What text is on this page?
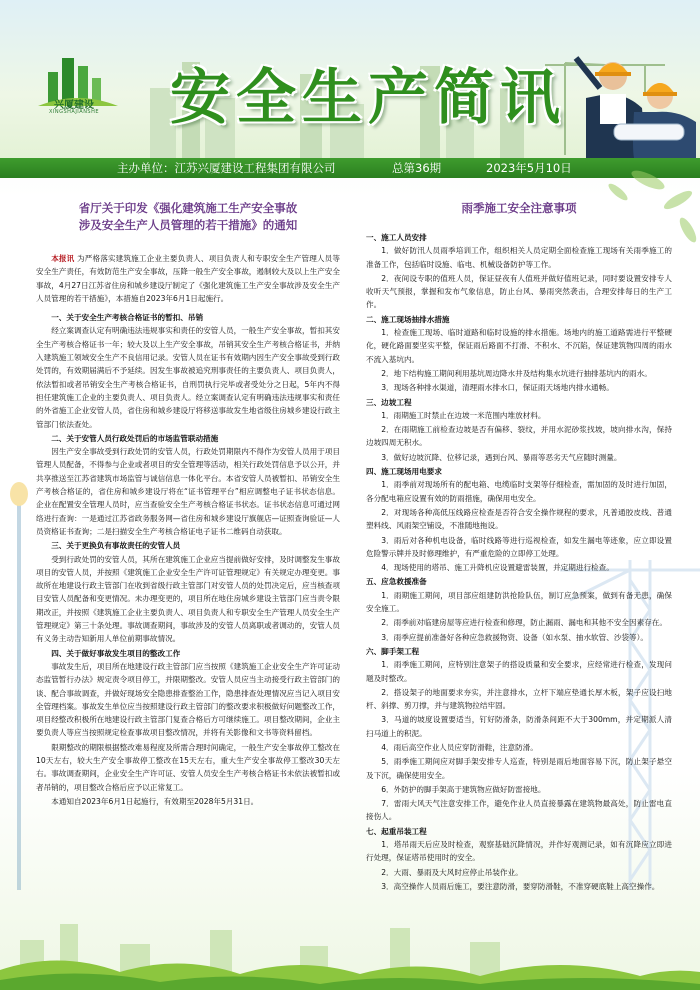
兴厦建设
XINGSHAJIANSHE	安全生产简讯
主办单位：江苏兴厦建设工程集团有限公司	总第36期	2023年5月10日
省厅关于印发《强化建筑施工生产安全事故
涉及安全生产人员管理的若干措施》的通知

本报讯 为严格落实建筑施工企业主要负责人、项目负责人和专职安全生产管理人员等安全生产责任，有效防范生产安全事故，压降一般生产安全事故，遏制较大及以上生产安全事故，4月27日江苏省住房和城乡建设厅制定了《强化建筑施工生产安全事故涉及安全生产人员管理的若干措施》，本措施自2023年6月1日起施行。

一、关于安全生产考核合格证书的暂扣、吊销

经立案调查认定有明确违法违规事实和责任的安管人员，一般生产安全事故，暂扣其安全生产考核合格证书一年；较大及以上生产安全事故，吊销其安全生产考核合格证书，并纳入建筑施工领域安全生产不良信用记录。安管人员在证书有效期内因生产安全事故受到行政处罚的，有效期届满后不予延续。因发生事故被追究刑事责任的主要负责人、项目负责人，依法暂扣或者吊销安全生产考核合格证书，自刑罚执行完毕或者受处分之日起，5年内不得担任建筑施工企业的主要负责人、项目负责人。经立案调查认定有明确违法违规事实和责任的外省施工企业安管人员，省住房和城乡建设厅将移送事故发生地省级住房城乡建设行政主管部门依法查处。

二、关于安管人员行政处罚后的市场监管联动措施

因生产安全事故受到行政处罚的安管人员，行政处罚期限内不得作为安管人员用于项目管理人员配备，不得参与企业或者项目的安全管理等活动，相关行政处罚信息予以公开，并共享推送至江苏省建筑市场监管与诚信信息一体化平台。本省安管人员被暂扣、吊销安全生产考核合格证的，省住房和城乡建设厅将在“证书管理平台”相应调整电子证书状态信息。企业在配置安全管理人员时，应当查验安全生产考核合格证书状态。证书状态信息可通过网络进行查询：一是通过江苏省政务服务网—省住房和城乡建设厅旗舰店—证照查询验证—人员资格证书查询；二是扫描安全生产考核合格证电子证书二维码自动获取。

三、关于更换负有事故责任的安管人员

受到行政处罚的安管人员，其所在建筑施工企业应当提前做好安排，及时调整发生事故项目的安管人员，并按照《建筑施工企业安全生产许可证管理规定》有关规定办理变更。事故所在地建设行政主管部门在收到省级行政主管部门对安管人员的处罚决定后，应当核查项目安管人员配备和变更情况。未办理变更的，项目所在地住房城乡建设主管部门应当责令限期改正，并按照《建筑施工企业主要负责人、项目负责人和专职安全生产管理人员安全生产管理规定》第三十条处理。事故调查期间，事故涉及的安管人员离职或者调动的，安管人员有义务主动告知新用人单位前期事故情况。

四、关于做好事故发生项目的整改工作

事故发生后，项目所在地建设行政主管部门应当按照《建筑施工企业安全生产许可证动态监管暂行办法》规定责令项目停工，并限期整改。安管人员应当主动接受行政主管部门的谈、配合事故调查，并做好现场安全隐患排查整治工作，隐患排查处理情况应当记入项目安全管理档案。事故发生单位应当按照建设行政主管部门的整改要求积极做好问题整改工作，项目经整改积极所在地建设行政主管部门复查合格后方可继续施工。项目整改期间，企业主要负责人等应当按照规定检查事故项目整改情况，并将有关影像和文书等资料留档。

限期整改的期限根据整改难易程度及所需合理时间确定，一般生产安全事故停工整改在10天左右，较大生产安全事故停工整改在15天左右，重大生产安全事故停工整改30天左右。事故调查期间，企业安全生产许可证、安管人员安全生产考核合格证书未依法被暂扣或者吊销的，项目整改合格后应予以正常复工。

本通知自2023年6月1日起施行，有效期至2028年5月31日。

雨季施工安全注意事项

一、施工人员安排

1．做好防汛人员雨季培训工作，组织相关人员定期全面检查施工现场有关雨季施工的准备工作，包括临时设施、临电、机械设备防护等工作。

2．夜间设专职的值班人员，保证昼夜有人值班并做好值班记录，同时要设置安排专人收听天气预报，掌握和发布气象信息，防止台风、暴雨突然袭击，合理安排每日的生产工作。

二、施工现场抽排水措施

1．检查施工现场、临时道路和临时设施的排水措施。场地内的施工道路需进行平整硬化，硬化路面要坚实平整，保证雨后路面不打滑、不积水、不沉陷，保证建筑物四周的雨水不流入基坑内。

2．地下结构施工期间利用基坑周边降水井及结构集水坑进行抽排基坑内的雨水。

3．现场各种排水渠道，清理雨水排水口，保证雨天场地内排水通畅。

三、边坡工程

1．雨期施工时禁止在边坡一米范围内堆放材料。

2．在雨期施工前检查边坡是否有偏移、裂纹，并用水泥砂浆找坡，坡向排水沟，保持边坡四周无积水。

3．做好边坡沉降、位移记录，遇到台风、暴雨等恶劣天气应随时测量。

四、施工现场用电要求

1．雨季前对现场所有的配电箱、电缆临时支架等仔细检查，需加固的及时进行加固，各分配电箱应设置有效的防雨措施，确保用电安全。

2．对现场各种高低压线路应检查是否符合安全操作规程的要求，凡普通胶皮线、普通塑料线、风雨架空铺设，不准随地拖设。

3．雨后对各种机电设备，临时线路等进行巡视检查，如发生漏电等迹象，应立即设置危险警示牌并及时修理维护，有严重危险的立即停工处理。

4．现场使用的塔吊、施工升降机应设置避雷装置，并定期进行检查。

五、应急救援准备

1．雨期施工期间，项目部应组建防洪抢险队伍，制订应急预案，做到有备无患，确保安全施工。

2．雨季前对临建房屋等应进行检查和修理，防止漏雨、漏电和其他不安全因素存在。

3．雨季应提前准备好各种应急救援物资、设备（如水泵、抽水软管、沙袋等）。

六、脚手架工程

1．雨季施工期间，应特别注意架子的搭设质量和安全要求，应经常进行检查，发现问题及时整改。

2．搭设架子的地面要求夯实，并注意排水，立杆下端应垫通长厚木板，架子应设扫地杆、斜撑、剪刀撑，并与建筑物拉结牢固。

3．马道的坡度设置要适当，钉好防滑条，防滑条间距不大于300mm，并定期派人清扫马道上的积泥。

4．雨后高空作业人员应穿防滑鞋，注意防滑。

5．雨季施工期间应对脚手架安排专人巡查，特别是雨后地面容易下沉，防止架子悬空及下沉，确保使用安全。

6．外防护的脚手架高于建筑物应做好防雷接地。

7．雷雨大风天气注意安排工作，避免作业人员直接暴露在建筑物最高处，防止雷电直接伤人。

七、起重吊装工程

1．塔吊雨天后应及时检查，观察基础沉降情况，并作好观测记录，如有沉降应立即进行处理，保证塔吊使用时的安全。

2．大雨、暴雨及大风时应停止吊装作业。

3．高空操作人员雨后施工，要注意防滑，要穿防滑鞋，不准穿硬底鞋上高空操作。
